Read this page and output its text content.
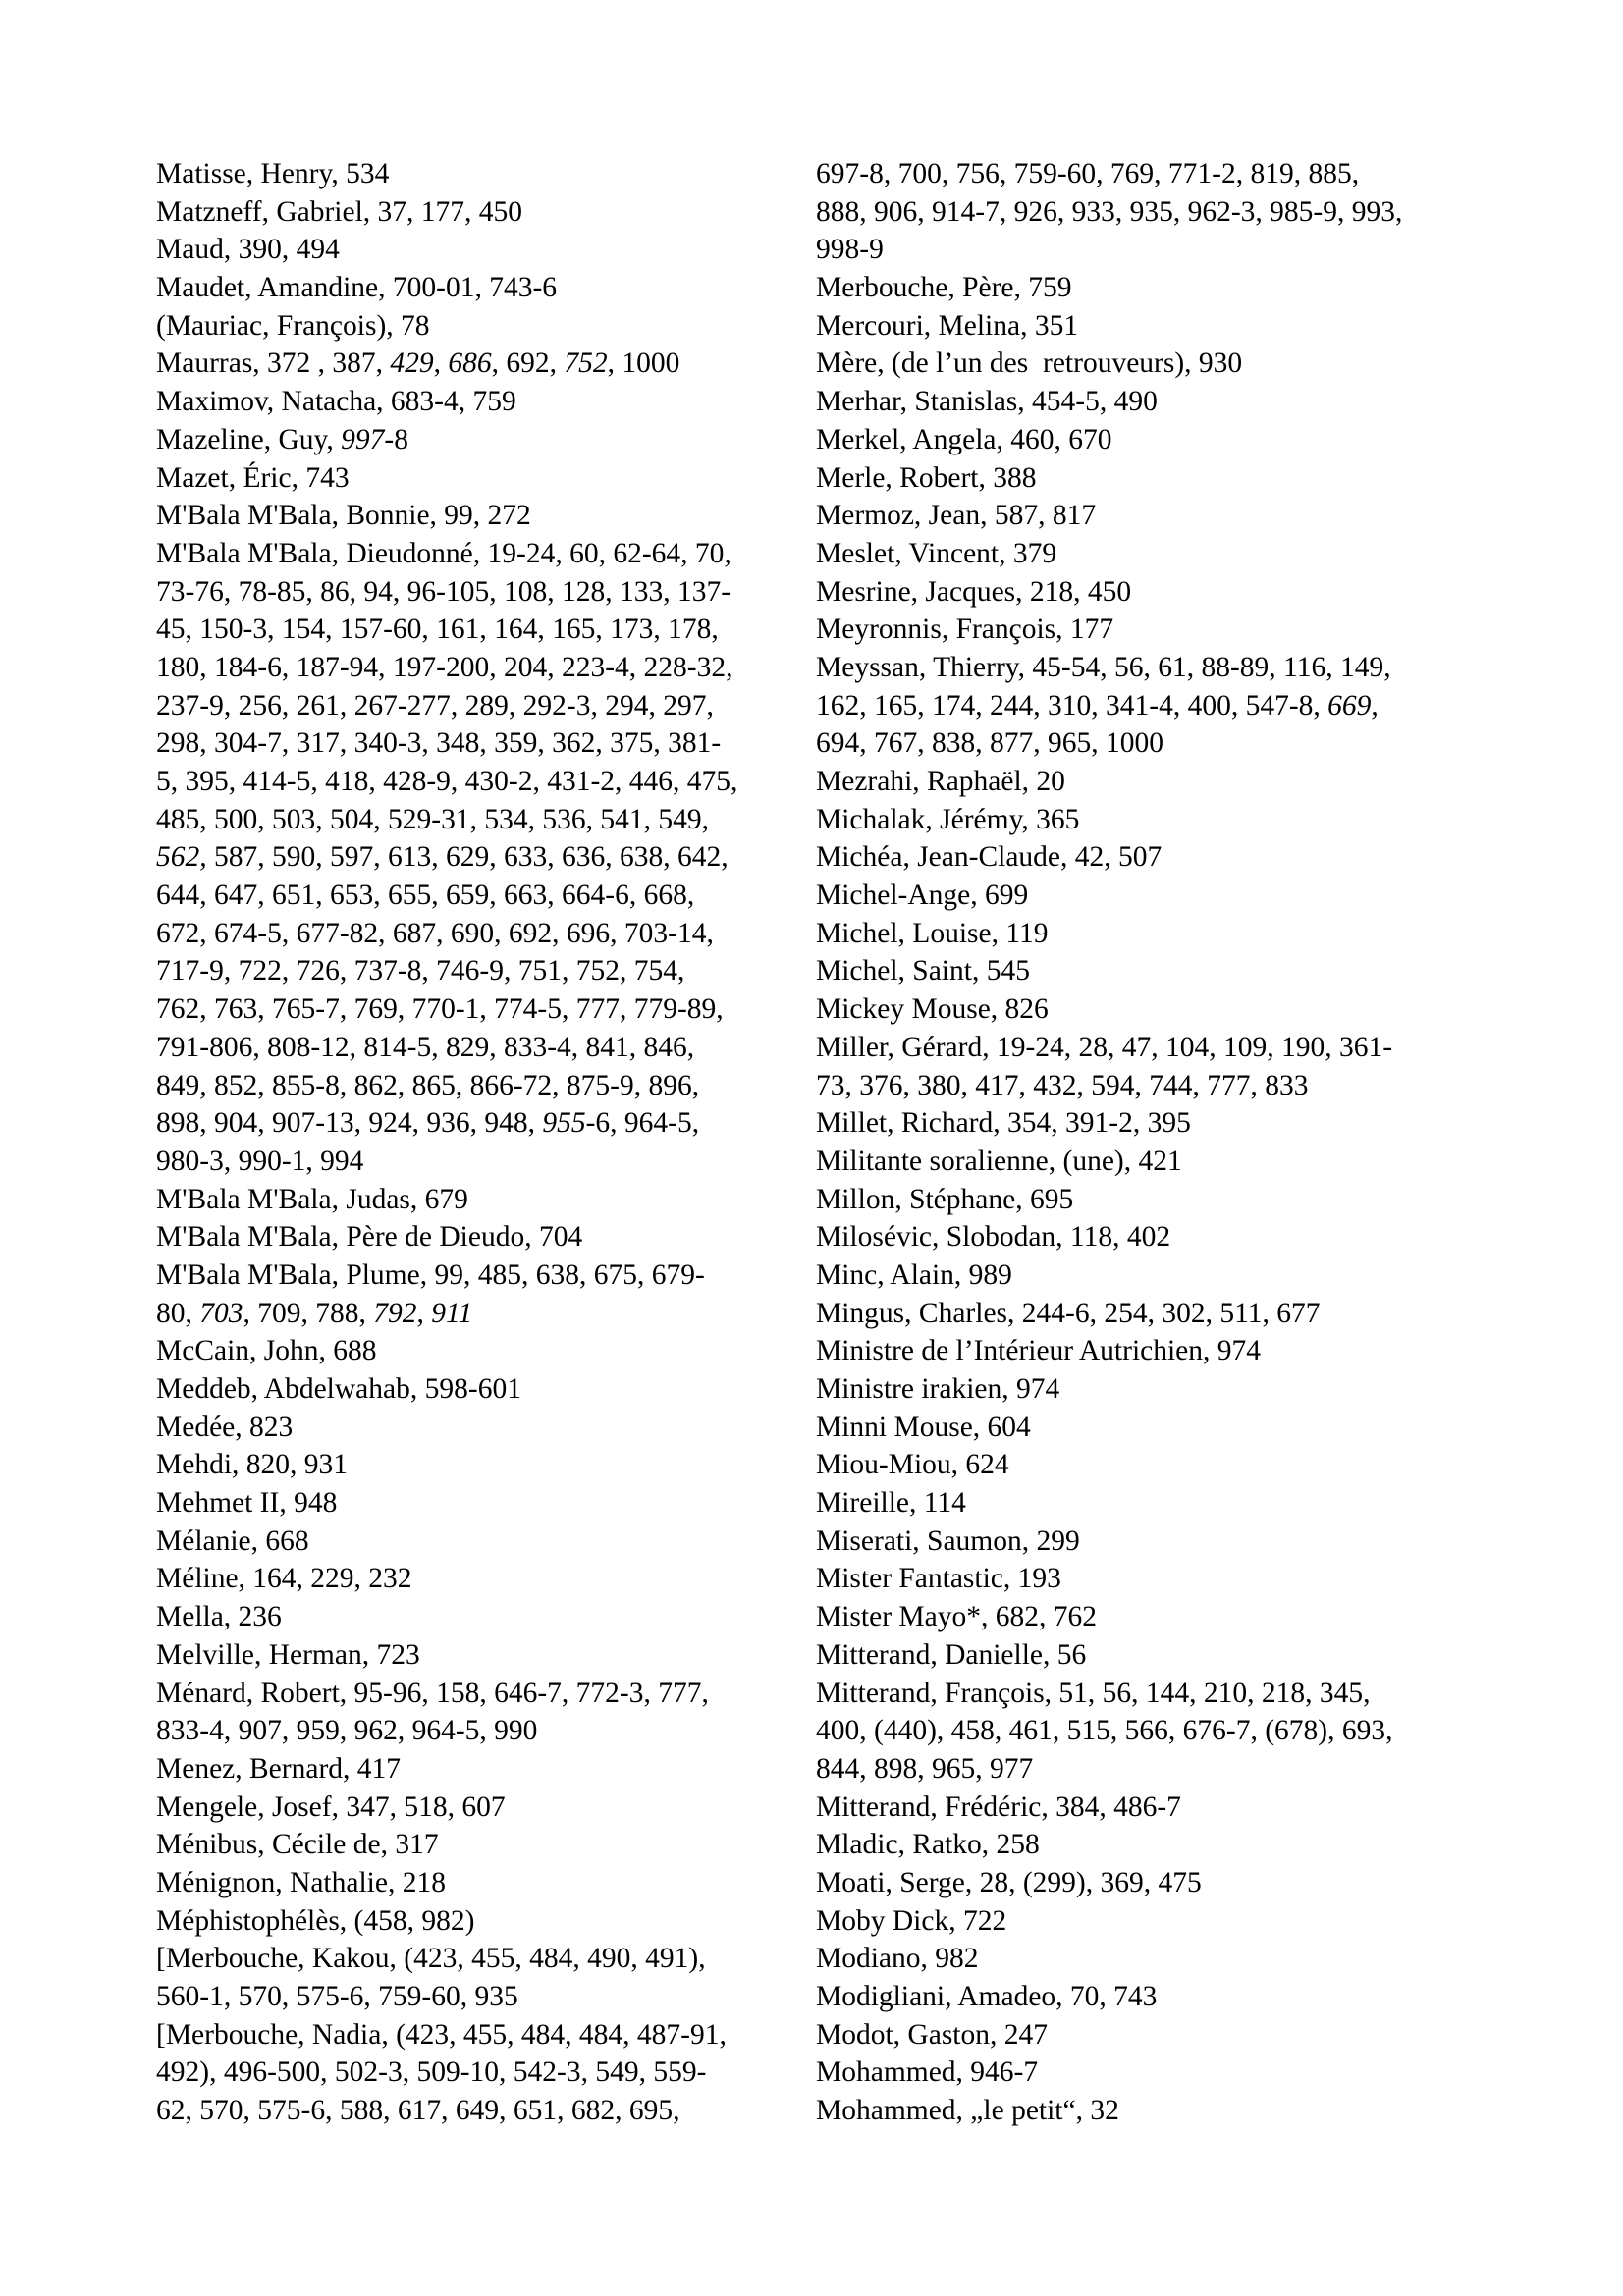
Matisse, Henry, 534
Matzneff, Gabriel, 37, 177, 450
Maud, 390, 494
Maudet, Amandine, 700-01, 743-6
(Mauriac, François), 78
Maurras, 372 , 387, 429, 686, 692, 752, 1000
Maximov, Natacha, 683-4, 759
Mazeline, Guy, 997-8
Mazet, Éric, 743
M'Bala M'Bala, Bonnie, 99, 272
M'Bala M'Bala, Dieudonné, 19-24, 60, 62-64, 70,
73-76, 78-85, 86, 94, 96-105, 108, 128, 133, 137-
45, 150-3, 154, 157-60, 161, 164, 165, 173, 178,
180, 184-6, 187-94, 197-200, 204, 223-4, 228-32,
237-9, 256, 261, 267-277, 289, 292-3, 294, 297,
298, 304-7, 317, 340-3, 348, 359, 362, 375, 381-
5, 395, 414-5, 418, 428-9, 430-2, 431-2, 446, 475,
485, 500, 503, 504, 529-31, 534, 536, 541, 549,
562, 587, 590, 597, 613, 629, 633, 636, 638, 642,
644, 647, 651, 653, 655, 659, 663, 664-6, 668,
672, 674-5, 677-82, 687, 690, 692, 696, 703-14,
717-9, 722, 726, 737-8, 746-9, 751, 752, 754,
762, 763, 765-7, 769, 770-1, 774-5, 777, 779-89,
791-806, 808-12, 814-5, 829, 833-4, 841, 846,
849, 852, 855-8, 862, 865, 866-72, 875-9, 896,
898, 904, 907-13, 924, 936, 948, 955-6, 964-5,
980-3, 990-1, 994
M'Bala M'Bala, Judas, 679
M'Bala M'Bala, Père de Dieudo, 704
M'Bala M'Bala, Plume, 99, 485, 638, 675, 679-
80, 703, 709, 788, 792, 911
McCain, John, 688
Meddeb, Abdelwahab, 598-601
Medée, 823
Mehdi, 820, 931
Mehmet II, 948
Mélanie, 668
Méline, 164, 229, 232
Mella, 236
Melville, Herman, 723
Ménard, Robert, 95-96, 158, 646-7, 772-3, 777,
833-4, 907, 959, 962, 964-5, 990
Menez, Bernard, 417
Mengele, Josef, 347, 518, 607
Ménibus, Cécile de, 317
Ménignon, Nathalie, 218
Méphistophélès, (458, 982)
[Merbouche, Kakou, (423, 455, 484, 490, 491),
560-1, 570, 575-6, 759-60, 935
[Merbouche, Nadia, (423, 455, 484, 484, 487-91,
492), 496-500, 502-3, 509-10, 542-3, 549, 559-
62, 570, 575-6, 588, 617, 649, 651, 682, 695,
697-8, 700, 756, 759-60, 769, 771-2, 819, 885,
888, 906, 914-7, 926, 933, 935, 962-3, 985-9, 993,
998-9
Merbouche, Père, 759
Mercouri, Melina, 351
Mère, (de l’un des  retrouveurs), 930
Merhar, Stanislas, 454-5, 490
Merkel, Angela, 460, 670
Merle, Robert, 388
Mermoz, Jean, 587, 817
Meslet, Vincent, 379
Mesrine, Jacques, 218, 450
Meyronnis, François, 177
Meyssan, Thierry, 45-54, 56, 61, 88-89, 116, 149,
162, 165, 174, 244, 310, 341-4, 400, 547-8, 669,
694, 767, 838, 877, 965, 1000
Mezrahi, Raphaël, 20
Michalak, Jérémy, 365
Michéa, Jean-Claude, 42, 507
Michel-Ange, 699
Michel, Louise, 119
Michel, Saint, 545
Mickey Mouse, 826
Miller, Gérard, 19-24, 28, 47, 104, 109, 190, 361-
73, 376, 380, 417, 432, 594, 744, 777, 833
Millet, Richard, 354, 391-2, 395
Militante soralienne, (une), 421
Millon, Stéphane, 695
Milosévic, Slobodan, 118, 402
Minc, Alain, 989
Mingus, Charles, 244-6, 254, 302, 511, 677
Ministre de l’Intérieur Autrichien, 974
Ministre irakien, 974
Minni Mouse, 604
Miou-Miou, 624
Mireille, 114
Miserati, Saumon, 299
Mister Fantastic, 193
Mister Mayo*, 682, 762
Mitterand, Danielle, 56
Mitterand, François, 51, 56, 144, 210, 218, 345,
400, (440), 458, 461, 515, 566, 676-7, (678), 693,
844, 898, 965, 977
Mitterand, Frédéric, 384, 486-7
Mladic, Ratko, 258
Moati, Serge, 28, (299), 369, 475
Moby Dick, 722
Modiano, 982
Modigliani, Amadeo, 70, 743
Modot, Gaston, 247
Mohammed, 946-7
Mohammed, „le petit“, 32
